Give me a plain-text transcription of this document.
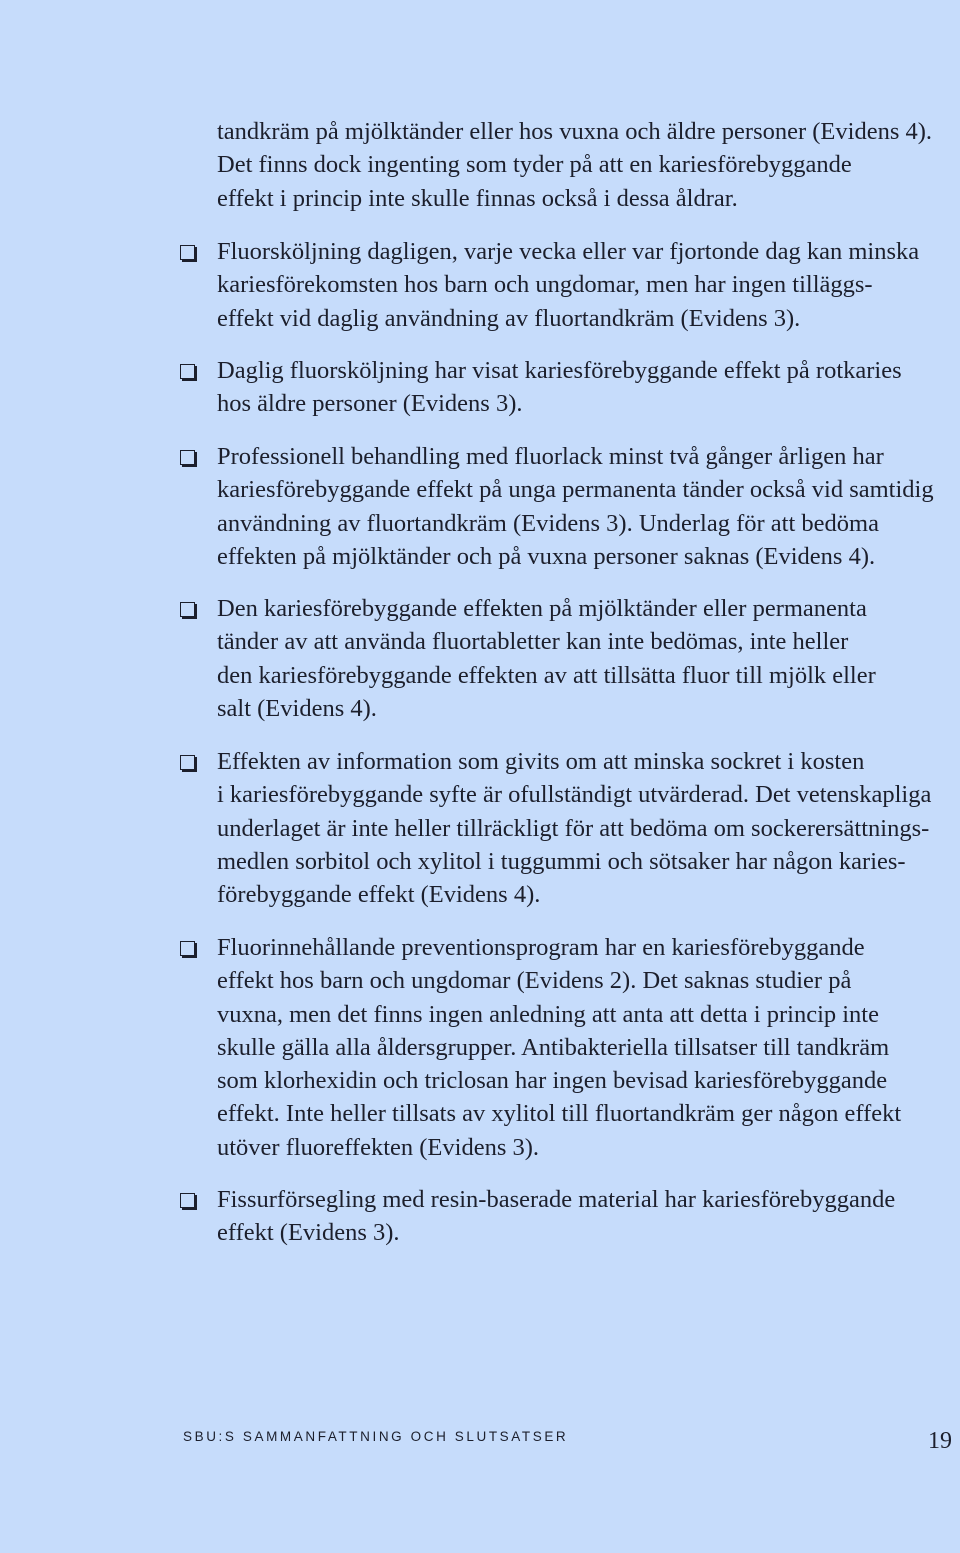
tandkräm på mjölktänder eller hos vuxna och äldre personer (Evidens 4).
Det finns dock ingenting som tyder på att en kariesförebyggande
effekt i princip inte skulle finnas också i dessa åldrar.

Fluorsköljning dagligen, varje vecka eller var fjortonde dag kan minska
kariesförekomsten hos barn och ungdomar, men har ingen tilläggs-
effekt vid daglig användning av fluortandkräm (Evidens 3).

Daglig fluorsköljning har visat kariesförebyggande effekt på rotkaries
hos äldre personer (Evidens 3).

Professionell behandling med fluorlack minst två gånger årligen har
kariesförebyggande effekt på unga permanenta tänder också vid samtidig
användning av fluortandkräm (Evidens 3). Underlag för att bedöma
effekten på mjölktänder och på vuxna personer saknas (Evidens 4).

Den kariesförebyggande effekten på mjölktänder eller permanenta
tänder av att använda fluortabletter kan inte bedömas, inte heller
den kariesförebyggande effekten av att tillsätta fluor till mjölk eller
salt (Evidens 4).

Effekten av information som givits om att minska sockret i kosten
i kariesförebyggande syfte är ofullständigt utvärderad. Det vetenskapliga
underlaget är inte heller tillräckligt för att bedöma om sockerersättnings-
medlen sorbitol och xylitol i tuggummi och sötsaker har någon karies-
förebyggande effekt (Evidens 4).

Fluorinnehållande preventionsprogram har en kariesförebyggande
effekt hos barn och ungdomar (Evidens 2). Det saknas studier på
vuxna, men det finns ingen anledning att anta att detta i princip inte
skulle gälla alla åldersgrupper. Antibakteriella tillsatser till tandkräm
som klorhexidin och triclosan har ingen bevisad kariesförebyggande
effekt. Inte heller tillsats av xylitol till fluortandkräm ger någon effekt
utöver fluoreffekten (Evidens 3).

Fissurförsegling med resin-baserade material har kariesförebyggande
effekt (Evidens 3).

SBU:S SAMMANFATTNING OCH SLUTSATSER	19
